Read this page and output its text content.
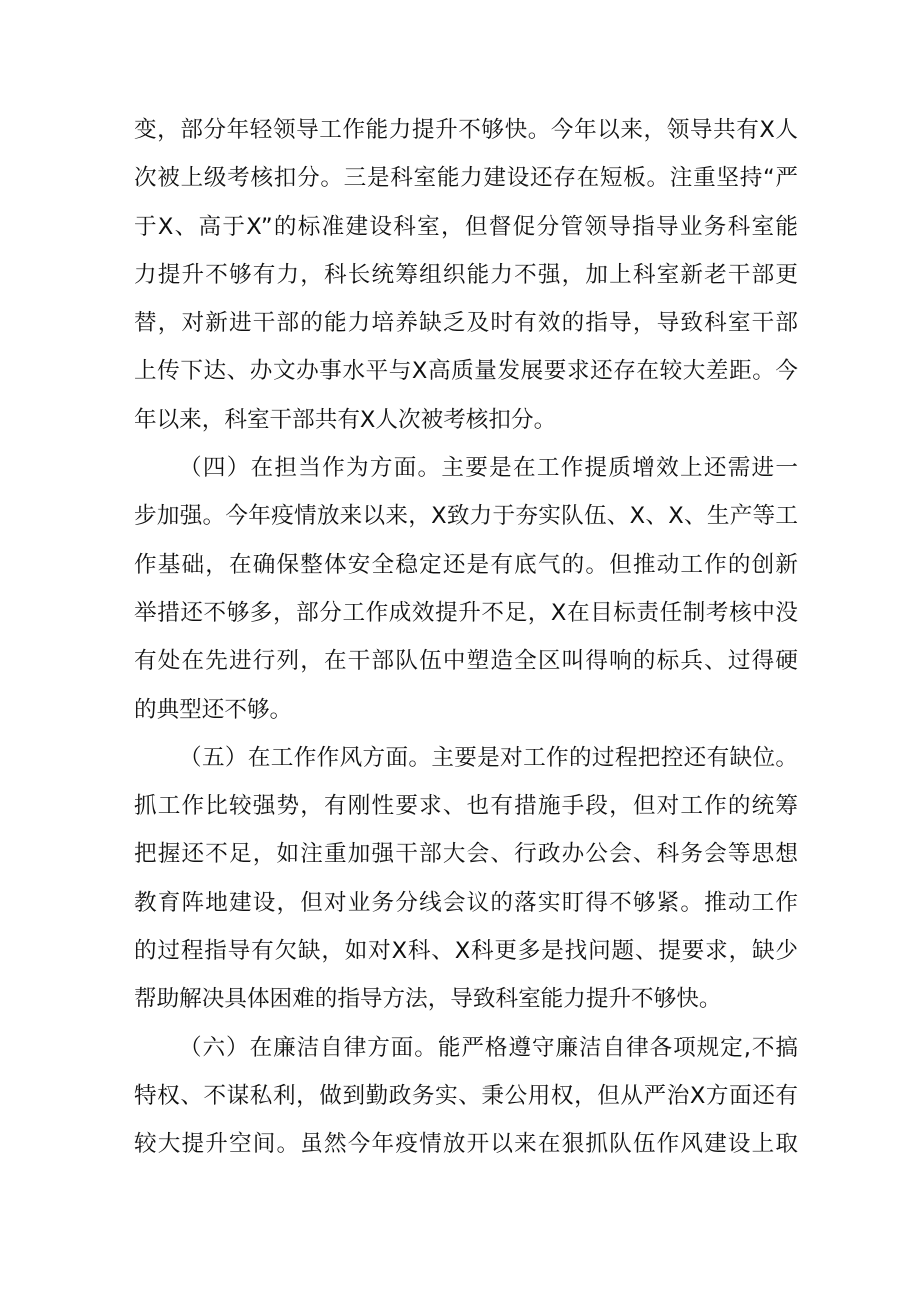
变，部分年轻领导工作能力提升不够快。今年以来，领导共有X人
次被上级考核扣分。三是科室能力建设还存在短板。注重坚持“严
于X、高于X”的标准建设科室，但督促分管领导指导业务科室能
力提升不够有力，科长统筹组织能力不强，加上科室新老干部更
替，对新进干部的能力培养缺乏及时有效的指导，导致科室干部
上传下达、办文办事水平与X高质量发展要求还存在较大差距。今
年以来，科室干部共有X人次被考核扣分。

（四）在担当作为方面。主要是在工作提质增效上还需进一
步加强。今年疫情放来以来，X致力于夯实队伍、X、X、生产等工
作基础，在确保整体安全稳定还是有底气的。但推动工作的创新
举措还不够多，部分工作成效提升不足，X在目标责任制考核中没
有处在先进行列，在干部队伍中塑造全区叫得响的标兵、过得硬
的典型还不够。

（五）在工作作风方面。主要是对工作的过程把控还有缺位。
抓工作比较强势，有刚性要求、也有措施手段，但对工作的统筹
把握还不足，如注重加强干部大会、行政办公会、科务会等思想
教育阵地建设，但对业务分线会议的落实盯得不够紧。推动工作
的过程指导有欠缺，如对X科、X科更多是找问题、提要求，缺少
帮助解决具体困难的指导方法，导致科室能力提升不够快。

（六）在廉洁自律方面。能严格遵守廉洁自律各项规定,不搞
特权、不谋私利，做到勤政务实、秉公用权，但从严治X方面还有
较大提升空间。虽然今年疫情放开以来在狠抓队伍作风建设上取
